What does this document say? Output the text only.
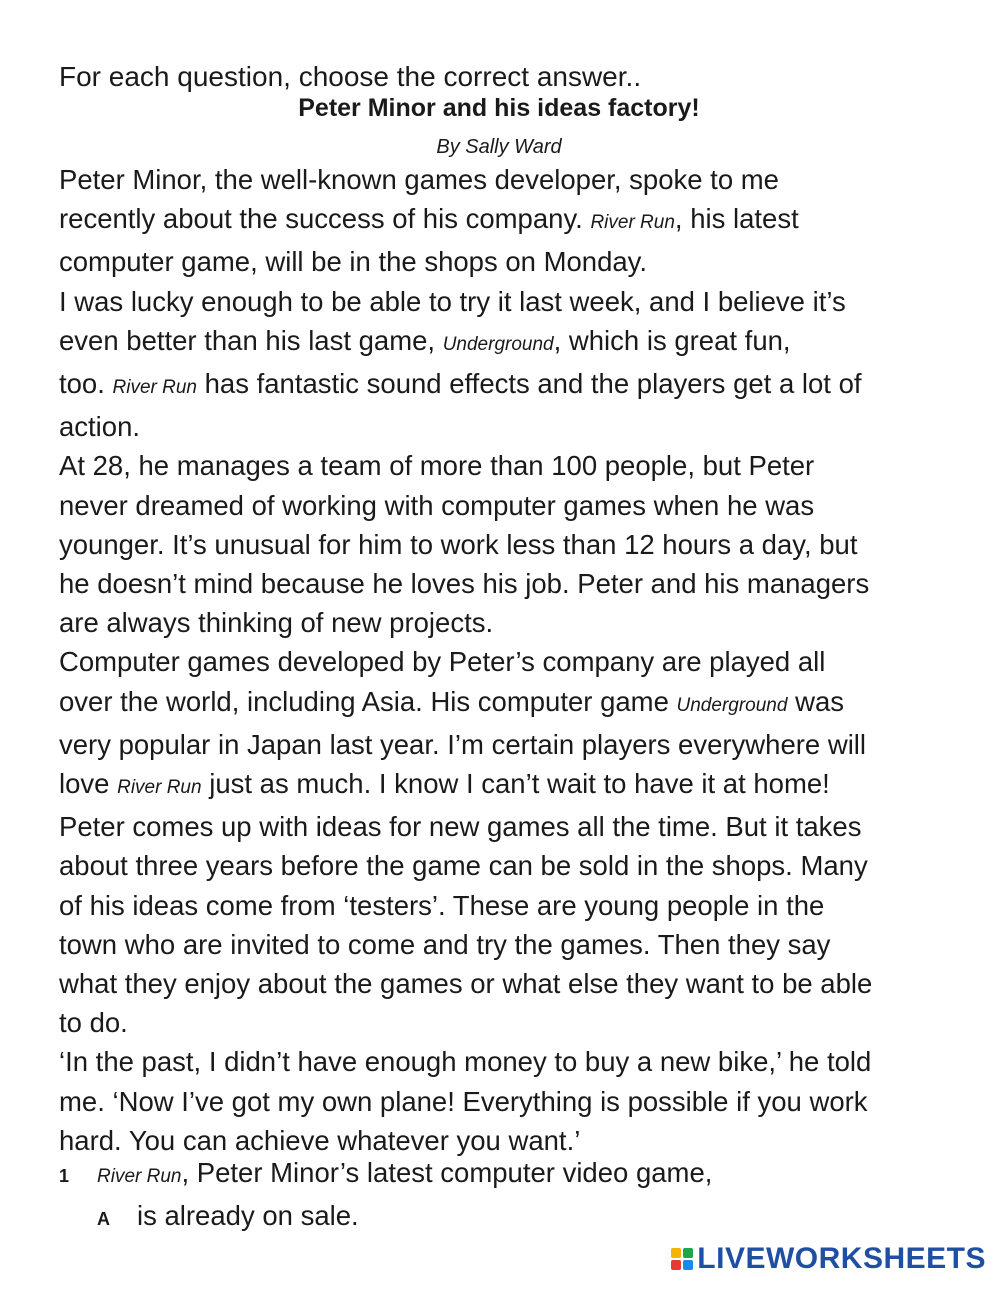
For each question, choose the correct answer..

Peter Minor and his ideas factory!

By Sally Ward

Peter Minor, the well-known games developer, spoke to me
recently about the success of his company. River Run, his latest
computer game, will be in the shops on Monday.
I was lucky enough to be able to try it last week, and I believe it’s
even better than his last game, Underground, which is great fun,
too. River Run has fantastic sound effects and the players get a lot of
action.
At 28, he manages a team of more than 100 people, but Peter
never dreamed of working with computer games when he was
younger. It’s unusual for him to work less than 12 hours a day, but
he doesn’t mind because he loves his job. Peter and his managers
are always thinking of new projects.
Computer games developed by Peter’s company are played all
over the world, including Asia. His computer game Underground was
very popular in Japan last year. I’m certain players everywhere will
love River Run just as much. I know I can’t wait to have it at home!
Peter comes up with ideas for new games all the time. But it takes
about three years before the game can be sold in the shops. Many
of his ideas come from ‘testers’. These are young people in the
town who are invited to come and try the games. Then they say
what they enjoy about the games or what else they want to be able
to do.
‘In the past, I didn’t have enough money to buy a new bike,’ he told
me. ‘Now I’ve got my own plane! Everything is possible if you work
hard. You can achieve whatever you want.’
1	River Run, Peter Minor’s latest computer video game,
A is already on sale.
LIVEWORKSHEETS
